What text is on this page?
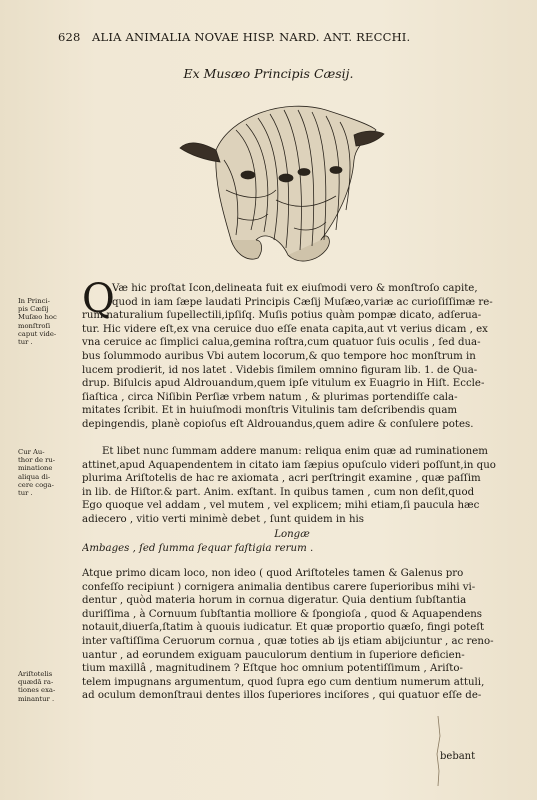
628 ALIA ANIMALIA NOVAE HISP. NARD. ANT. RECCHI.
Ex Musæo Principis Cæsij.
Q
Væ hic proſtat Icon,delineata fuit ex eiuſmodi vero & monſtroſo capite,
quod in iam ſæpe laudati Principis Cæſij Muſæo,variæ ac curioſiſſimæ re-
rum naturalium ſupellectili,ipſiſq. Muſis potius quàm pompæ dicato, adſerua-
tur. Hic videre eſt,ex vna ceruice duo eſſe enata capita,aut vt verius dicam , ex
vna ceruice ac ſimplici calua,gemina roſtra,cum quatuor ſuis oculis , ſed dua-
bus ſolummodo auribus Vbi autem locorum,& quo tempore hoc monſtrum in
lucem prodierit, id nos latet . Videbis ſimilem omnino figuram lib. 1. de Qua-
drup. Biſulcis apud Aldrouandum,quem ipſe vitulum ex Euagrio in Hiſt. Eccle-
ſiaſtica , circa Niſibin Perſiæ vrbem natum , & plurimas portendiſſe cala-
mitates ſcribit. Et in huiuſmodi monſtris Vitulinis tam deſcribendis quam
depingendis, planè copioſus eſt Aldrouandus,quem adire & conſulere potes.
Et libet nunc ſummam addere manum: reliqua enim quæ ad ruminationem
attinet,apud Aquapendentem in citato iam ſæpius opuſculo videri poſſunt,in quo
plurima Ariſtotelis de hac re axiomata , acri perſtringit examine , quæ paſſim
in lib. de Hiſtor.& part. Anim. exſtant. In quibus tamen , cum non deſit,quod
Ego quoque vel addam , vel mutem , vel explicem; mihi etiam,ſi paucula hæc
adiecero , vitio verti minimè debet , ſunt quidem in his
Longæ
Ambages , ſed ſumma ſequar faſtigia rerum .
Atque primo dicam loco, non ideo ( quod Ariſtoteles tamen & Galenus pro
confeſſo recipiunt ) cornigera animalia dentibus carere ſuperioribus mihi vi-
dentur , quòd materia horum in cornua digeratur. Quia dentium ſubſtantia
duriſſima , à Cornuum ſubſtantia molliore & ſpongioſa , quod & Aquapendens
notauit,diuerſa,ſtatim à quouis iudicatur. Et quæ proportio quæſo, fingi poteſt
inter vaſtiſſima Ceruorum cornua , quæ toties ab ijs etiam abijciuntur , ac reno-
uantur , ad eorundem exiguam pauculorum dentium in ſuperiore deficien-
tium maxillâ , magnitudinem ? Eſtque hoc omnium potentiſſimum , Ariſto-
telem impugnans argumentum, quod ſupra ego cum dentium numerum attuli,
ad oculum demonſtraui dentes illos ſuperiores inciſores , qui quatuor eſſe de-
bebant
In Princi-
pis Cæſij
Muſæo hoc
monſtroſi
caput vide-
tur .
Cur Au-
thor de ru-
minatione
aliqua di-
cere coga-
tur .
Ariſtotelis
quædā ra-
tiones exa-
minantur .
